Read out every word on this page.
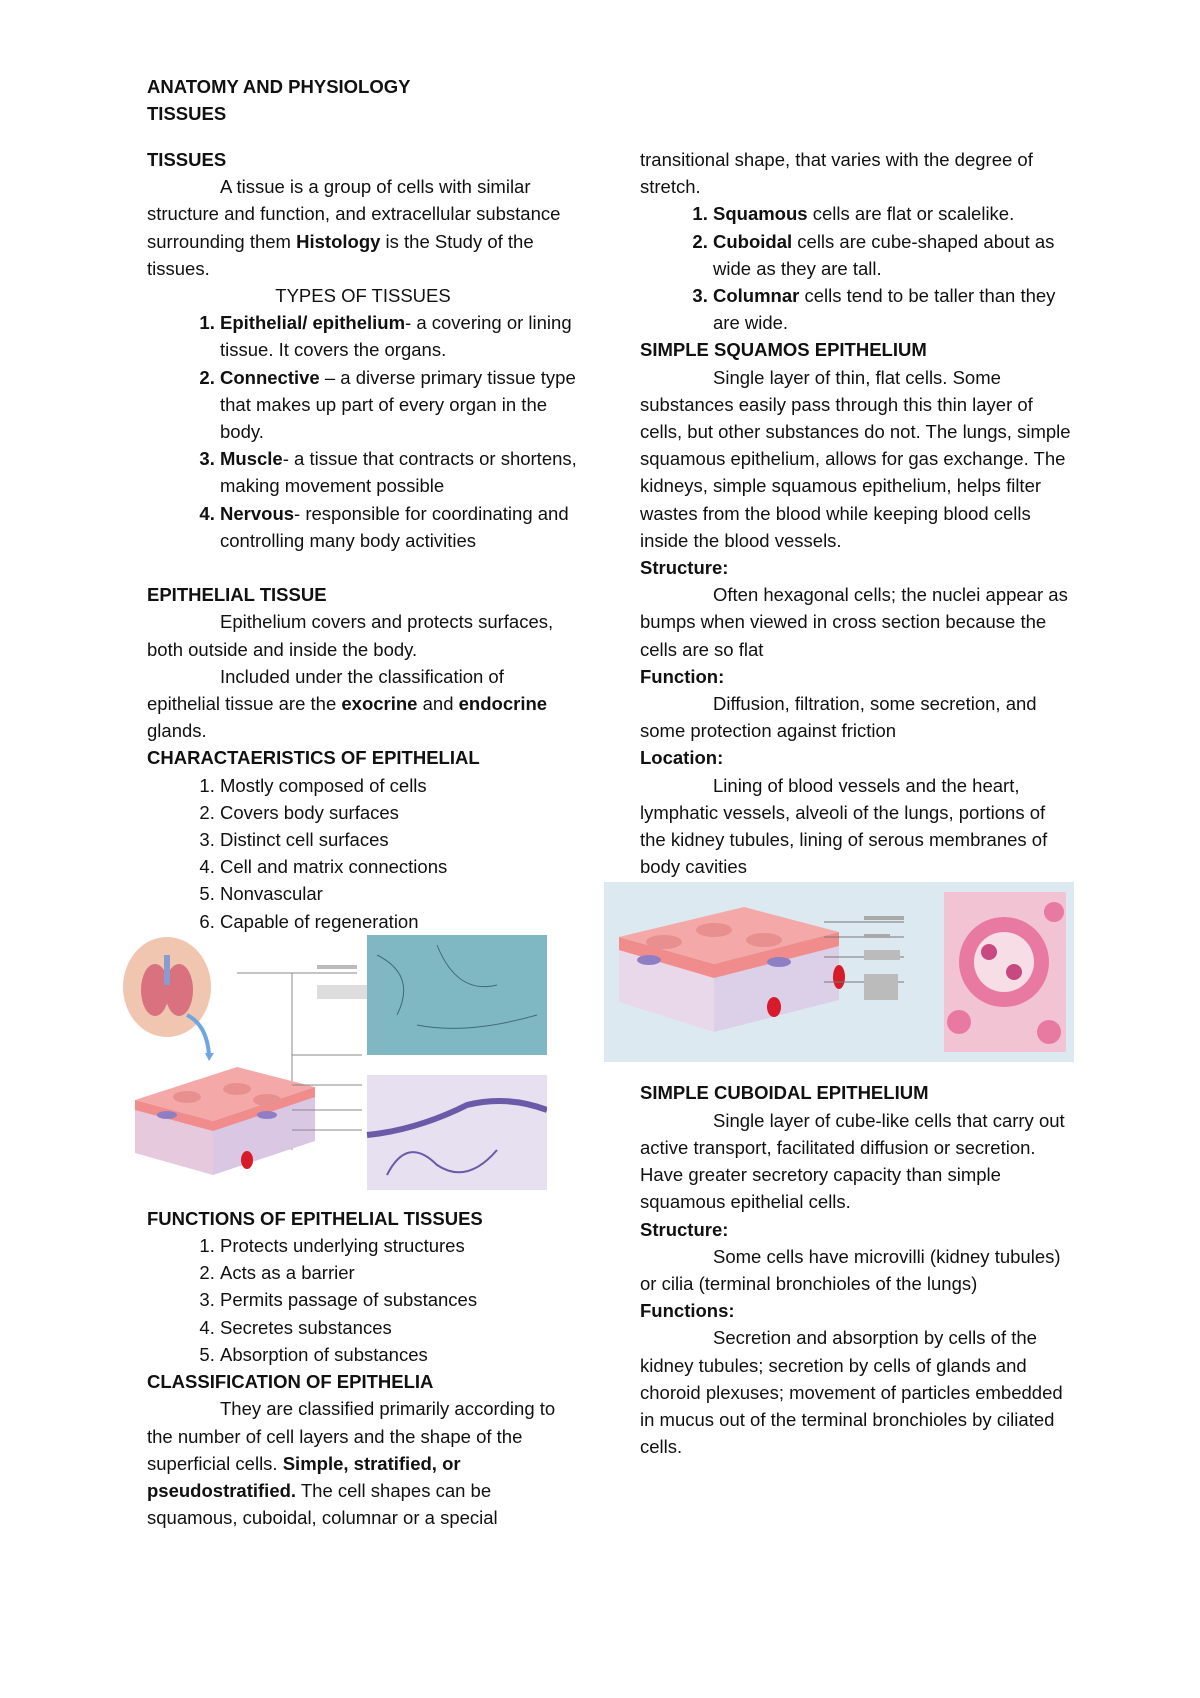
ANATOMY AND PHYSIOLOGY
TISSUES
TISSUES

A tissue is a group of cells with similar structure and function, and extracellular substance surrounding them Histology is the Study of the tissues.

TYPES OF TISSUES
1. Epithelial/ epithelium- a covering or lining tissue. It covers the organs.
2. Connective – a diverse primary tissue type that makes up part of every organ in the body.
3. Muscle- a tissue that contracts or shortens, making movement possible
4. Nervous- responsible for coordinating and controlling many body activities
EPITHELIAL TISSUE

Epithelium covers and protects surfaces, both outside and inside the body.

Included under the classification of epithelial tissue are the exocrine and endocrine glands.

CHARACTAERISTICS OF EPITHELIAL
1. Mostly composed of cells
2. Covers body surfaces
3. Distinct cell surfaces
4. Cell and matrix connections
5. Nonvascular
6. Capable of regeneration
FUNCTIONS OF EPITHELIAL TISSUES
1. Protects underlying structures
2. Acts as a barrier
3. Permits passage of substances
4. Secretes substances
5. Absorption of substances
CLASSIFICATION OF EPITHELIA

They are classified primarily according to the number of cell layers and the shape of the superficial cells. Simple, stratified, or pseudostratified. The cell shapes can be squamous, cuboidal, columnar or a special

transitional shape, that varies with the degree of stretch.

1. Squamous cells are flat or scalelike.
2. Cuboidal cells are cube-shaped about as wide as they are tall.
3. Columnar cells tend to be taller than they are wide.
SIMPLE SQUAMOS EPITHELIUM

Single layer of thin, flat cells. Some substances easily pass through this thin layer of cells, but other substances do not. The lungs, simple squamous epithelium, allows for gas exchange. The kidneys, simple squamous epithelium, helps filter wastes from the blood while keeping blood cells inside the blood vessels.

Structure:

Often hexagonal cells; the nuclei appear as bumps when viewed in cross section because the cells are so flat

Function:

Diffusion, filtration, some secretion, and some protection against friction

Location:

Lining of blood vessels and the heart, lymphatic vessels, alveoli of the lungs, portions of the kidney tubules, lining of serous membranes of body cavities

SIMPLE CUBOIDAL EPITHELIUM

Single layer of cube-like cells that carry out active transport, facilitated diffusion or secretion. Have greater secretory capacity than simple squamous epithelial cells.

Structure:

Some cells have microvilli (kidney tubules) or cilia (terminal bronchioles of the lungs)

Functions:

Secretion and absorption by cells of the kidney tubules; secretion by cells of glands and choroid plexuses; movement of particles embedded in mucus out of the terminal bronchioles by ciliated cells.
